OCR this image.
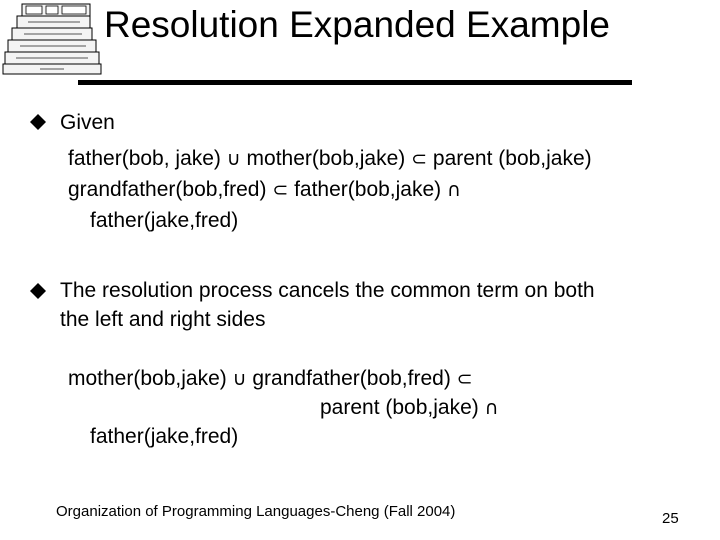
Resolution Expanded Example
Given
father(bob, jake) ∪ mother(bob,jake) ⊂ parent (bob,jake)
grandfather(bob,fred) ⊂ father(bob,jake) ∩
father(jake,fred)
The resolution process cancels the common term on both
the left and right sides
mother(bob,jake) ∪ grandfather(bob,fred) ⊂
parent (bob,jake) ∩
father(jake,fred)
Organization of Programming Languages-Cheng (Fall 2004)	25
